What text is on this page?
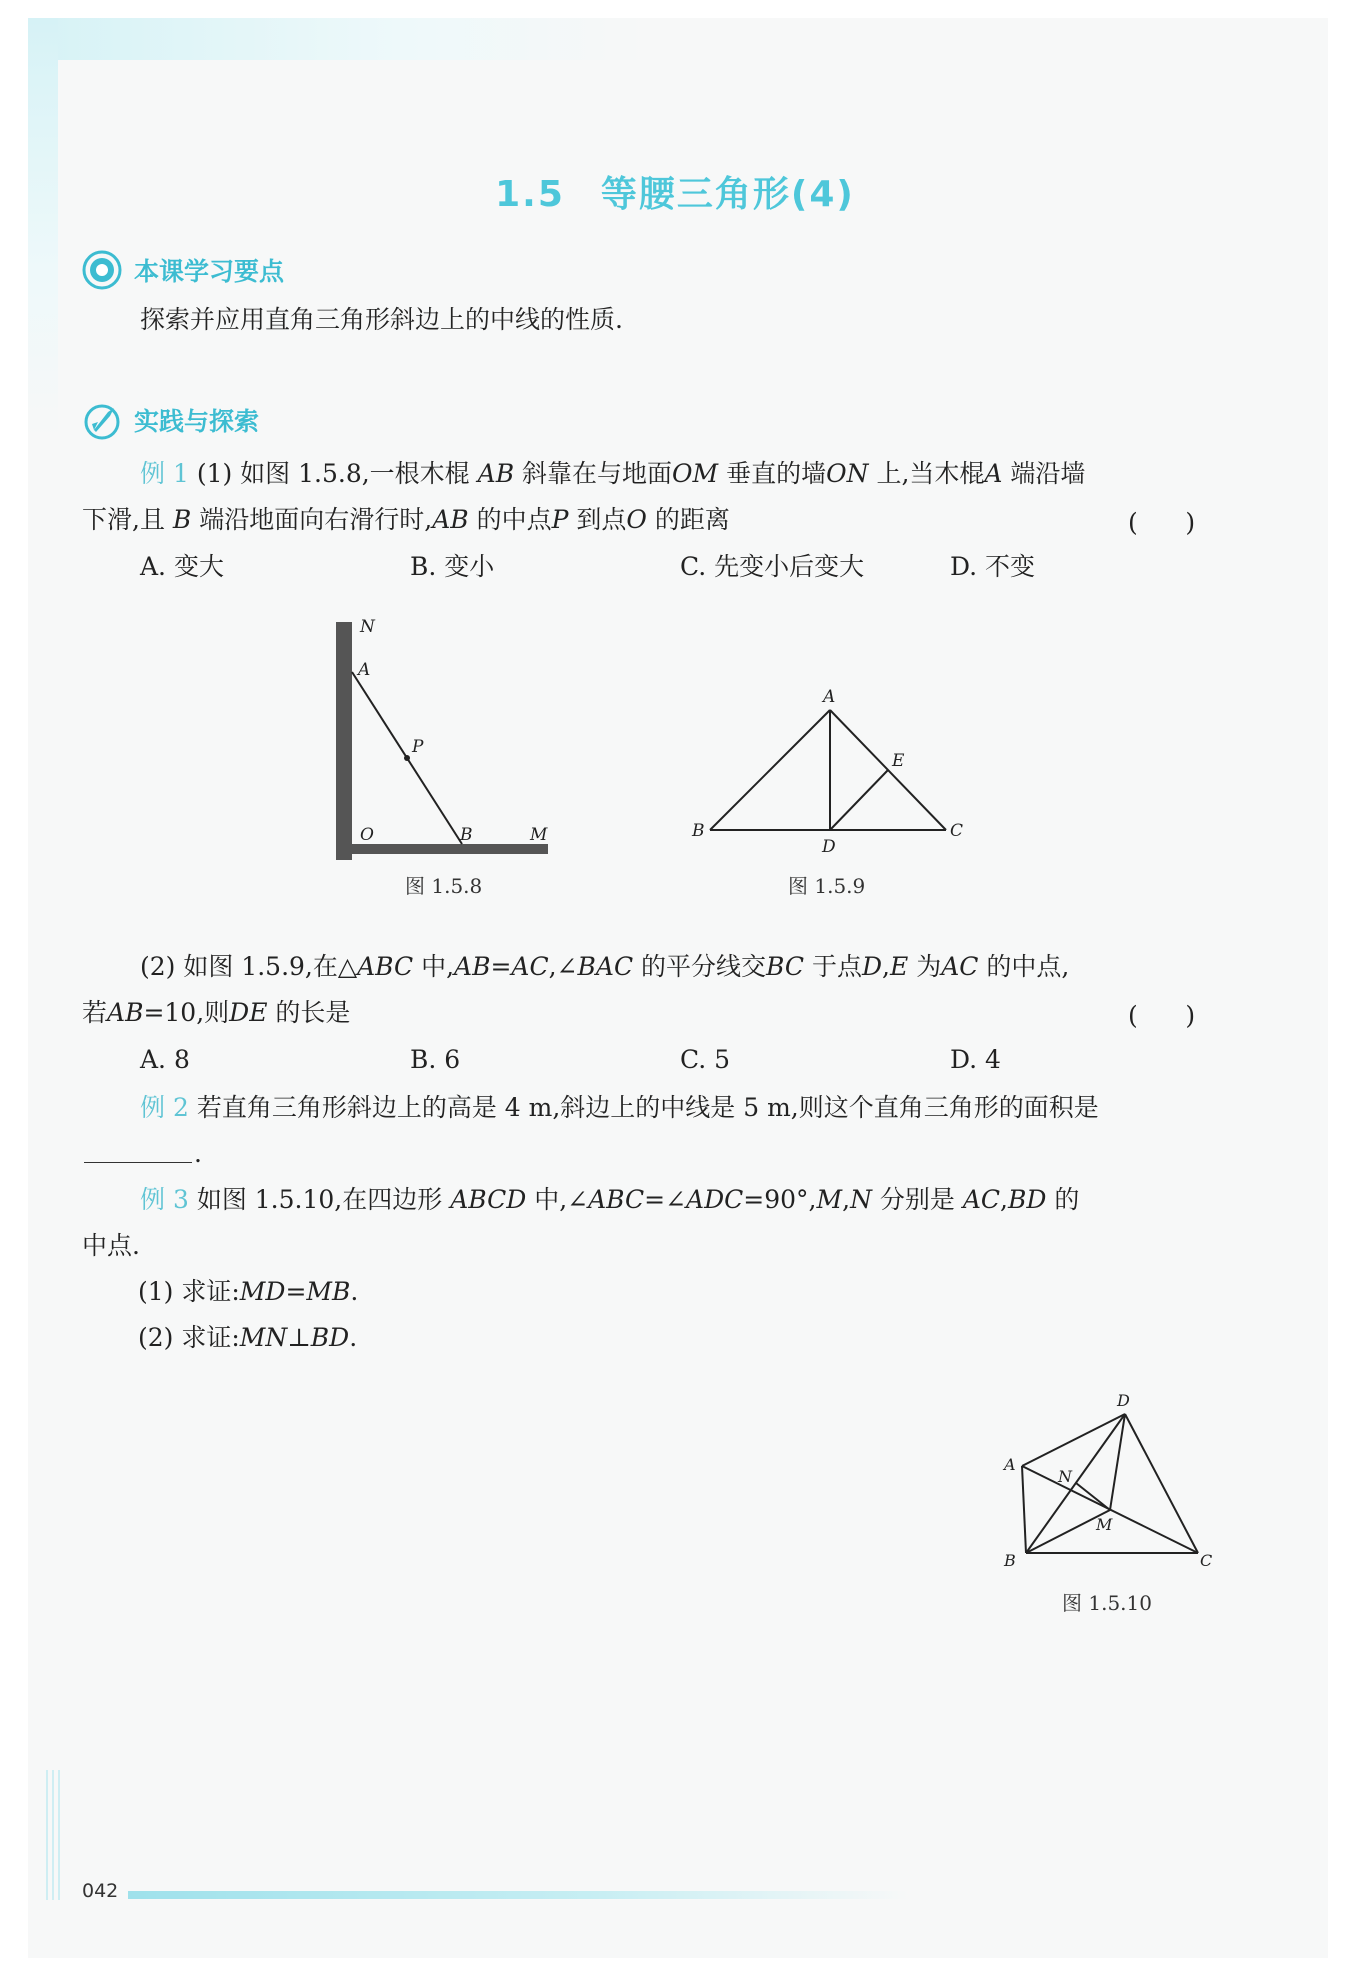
1.5 等腰三角形(4)
本课学习要点
探索并应用直角三角形斜边上的中线的性质.
实践与探索
例 1 (1) 如图 1.5.8,一根木棍 AB 斜靠在与地面OM 垂直的墙ON 上,当木棍A 端沿墙
下滑,且 B 端沿地面向右滑行时,AB 的中点P 到点O 的距离	(      )
A. 变大	B. 变小	C. 先变小后变大	D. 不变
N
A
P
O	B	M
图 1.5.8
A
E
B
D
C
图 1.5.9
(2) 如图 1.5.9,在△ABC 中,AB=AC,∠BAC 的平分线交BC 于点D,E 为AC 的中点,
若AB=10,则DE 的长是	(      )
A. 8	B. 6	C. 5	D. 4
例 2 若直角三角形斜边上的高是 4 m,斜边上的中线是 5 m,则这个直角三角形的面积是
.
例 3 如图 1.5.10,在四边形 ABCD 中,∠ABC=∠ADC=90°,M,N 分别是 AC,BD 的
中点.
(1) 求证:MD=MB.
(2) 求证:MN⊥BD.
D
A
N
M
B	C
图 1.5.10
042
